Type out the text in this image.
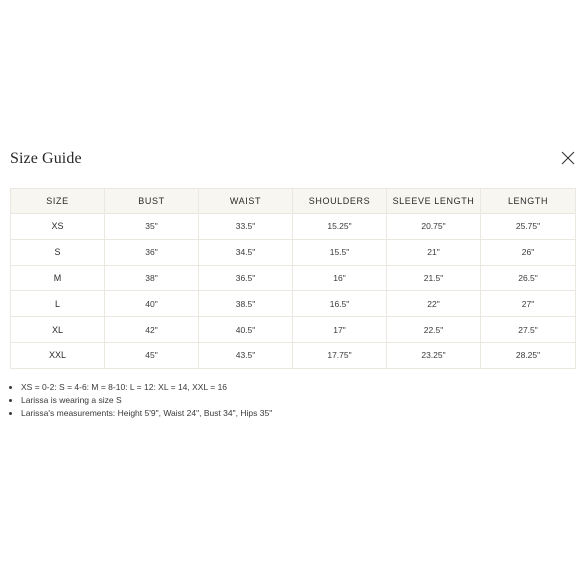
Size Guide
SIZE	BUST	WAIST	SHOULDERS	SLEEVE LENGTH	LENGTH
XS	35"	33.5"	15.25"	20.75"	25.75"
S	36"	34.5"	15.5"	21"	26"
M	38"	36.5"	16"	21.5"	26.5"
L	40"	38.5"	16.5"	22"	27"
XL	42"	40.5"	17"	22.5"	27.5"
XXL	45"	43.5"	17.75"	23.25"	28.25"
• XS = 0-2: S = 4-6: M = 8-10: L = 12: XL = 14, XXL = 16
• Larissa is wearing a size S
• Larissa's measurements: Height 5'9", Waist 24", Bust 34", Hips 35"
